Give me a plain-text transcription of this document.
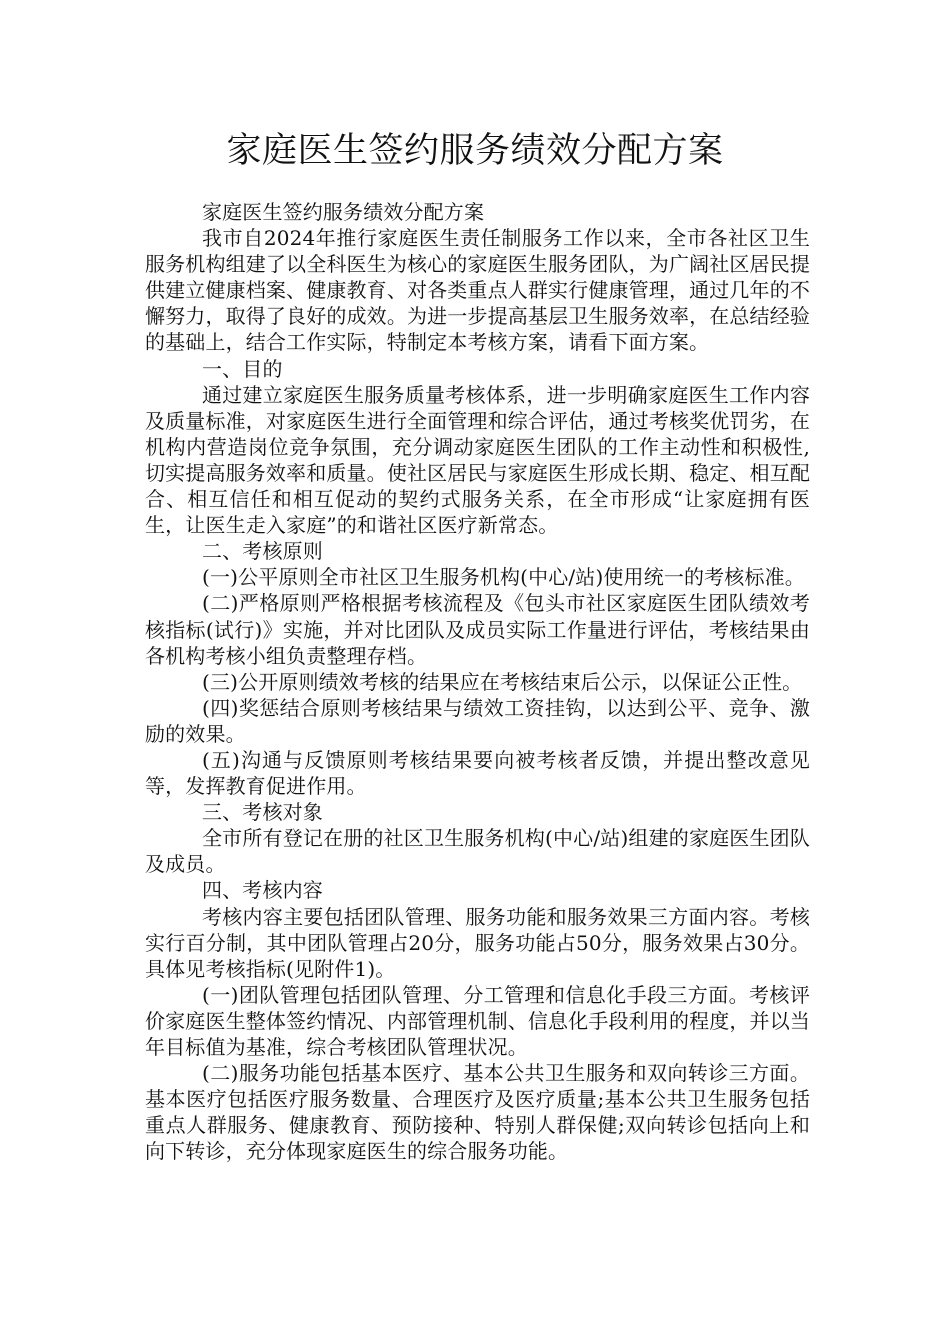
家庭医生签约服务绩效分配方案

家庭医生签约服务绩效分配方案

我市自2024年推行家庭医生责任制服务工作以来，全市各社区卫生服务机构组建了以全科医生为核心的家庭医生服务团队，为广阔社区居民提供建立健康档案、健康教育、对各类重点人群实行健康管理，通过几年的不懈努力，取得了良好的成效。为进一步提高基层卫生服务效率，在总结经验的基础上，结合工作实际，特制定本考核方案，请看下面方案。

一、目的

通过建立家庭医生服务质量考核体系，进一步明确家庭医生工作内容及质量标准，对家庭医生进行全面管理和综合评估，通过考核奖优罚劣，在机构内营造岗位竞争氛围，充分调动家庭医生团队的工作主动性和积极性,切实提高服务效率和质量。使社区居民与家庭医生形成长期、稳定、相互配合、相互信任和相互促动的契约式服务关系，在全市形成“让家庭拥有医生，让医生走入家庭”的和谐社区医疗新常态。

二、考核原则

(一)公平原则全市社区卫生服务机构(中心/站)使用统一的考核标准。

(二)严格原则严格根据考核流程及《包头市社区家庭医生团队绩效考核指标(试行)》实施，并对比团队及成员实际工作量进行评估，考核结果由各机构考核小组负责整理存档。

(三)公开原则绩效考核的结果应在考核结束后公示，以保证公正性。

(四)奖惩结合原则考核结果与绩效工资挂钩，以达到公平、竞争、激励的效果。

(五)沟通与反馈原则考核结果要向被考核者反馈，并提出整改意见等，发挥教育促进作用。

三、考核对象

全市所有登记在册的社区卫生服务机构(中心/站)组建的家庭医生团队及成员。

四、考核内容

考核内容主要包括团队管理、服务功能和服务效果三方面内容。考核实行百分制，其中团队管理占20分，服务功能占50分，服务效果占30分。具体见考核指标(见附件1)。

(一)团队管理包括团队管理、分工管理和信息化手段三方面。考核评价家庭医生整体签约情况、内部管理机制、信息化手段利用的程度，并以当年目标值为基准，综合考核团队管理状况。

(二)服务功能包括基本医疗、基本公共卫生服务和双向转诊三方面。基本医疗包括医疗服务数量、合理医疗及医疗质量;基本公共卫生服务包括重点人群服务、健康教育、预防接种、特别人群保健;双向转诊包括向上和向下转诊，充分体现家庭医生的综合服务功能。
